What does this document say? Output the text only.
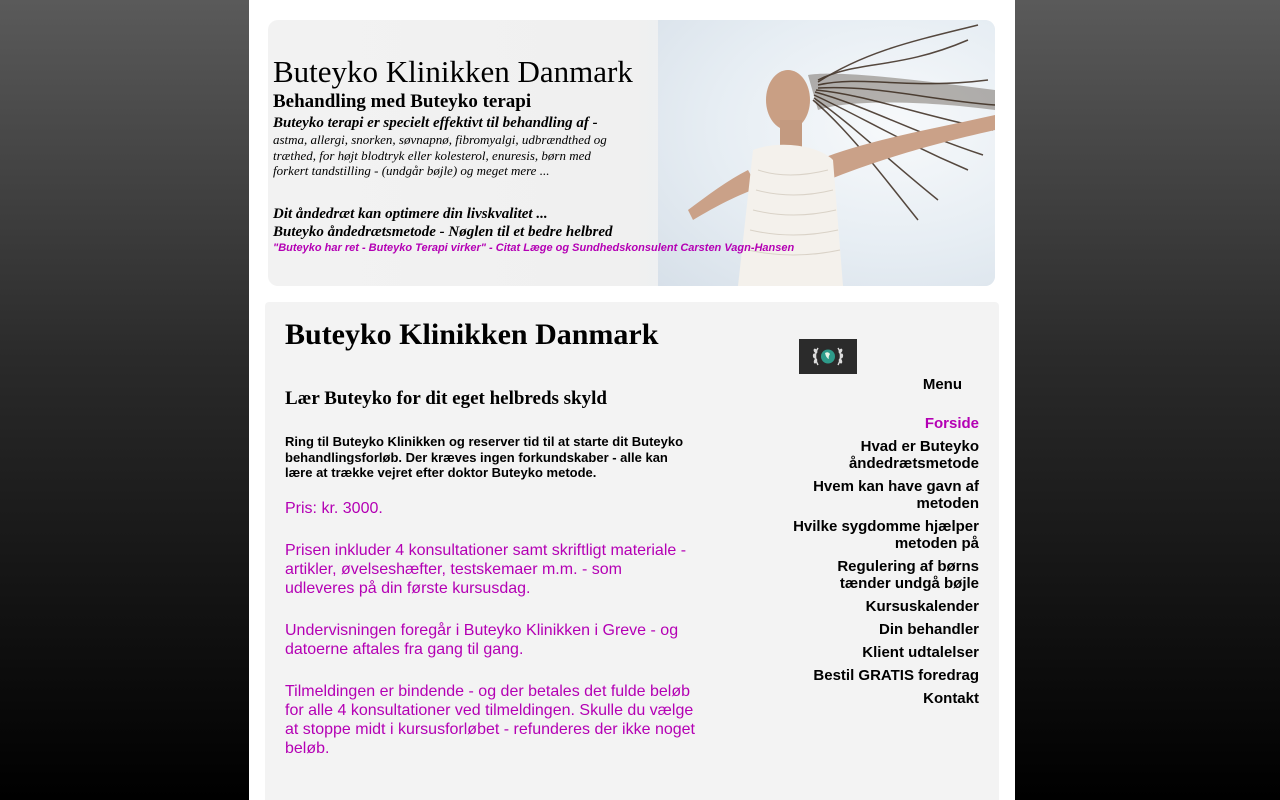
Buteyko Klinikken Danmark
Behandling med Buteyko terapi
Buteyko terapi er specielt effektivt til behandling af -
astma, allergi, snorken, søvnapnø, fibromyalgi, udbrændthed og træthed, for højt blodtryk eller kolesterol, enuresis, børn med forkert tandstilling - (undgår bøjle) og meget mere ...
Dit åndedræt kan optimere din livskvalitet ...
Buteyko åndedrætsmetode - Nøglen til et bedre helbred
"Buteyko har ret - Buteyko Terapi virker" - Citat Læge og Sundhedskonsulent Carsten Vagn-Hansen
Buteyko Klinikken Danmark
Lær Buteyko for dit eget helbreds skyld

Ring til Buteyko Klinikken og reserver tid til at starte dit Buteyko behandlingsforløb. Der kræves ingen forkundskaber - alle kan lære at trække vejret efter doktor Buteyko metode.

Pris: kr. 3000.

Prisen inkluder 4 konsultationer samt skriftligt materiale - artikler, øvelseshæfter, testskemaer m.m. - som udleveres på din første kursusdag.

Undervisningen foregår i Buteyko Klinikken i Greve - og datoerne aftales fra gang til gang.

Tilmeldingen er bindende - og der betales det fulde beløb for alle 4 konsultationer ved tilmeldingen. Skulle du vælge at stoppe midt i kursusforløbet - refunderes der ikke noget beløb.

Menu
Forside
Hvad er Buteyko åndedrætsmetode
Hvem kan have gavn af metoden
Hvilke sygdomme hjælper metoden på
Regulering af børns tænder undgå bøjle
Kursuskalender
Din behandler
Klient udtalelser
Bestil GRATIS foredrag
Kontakt
